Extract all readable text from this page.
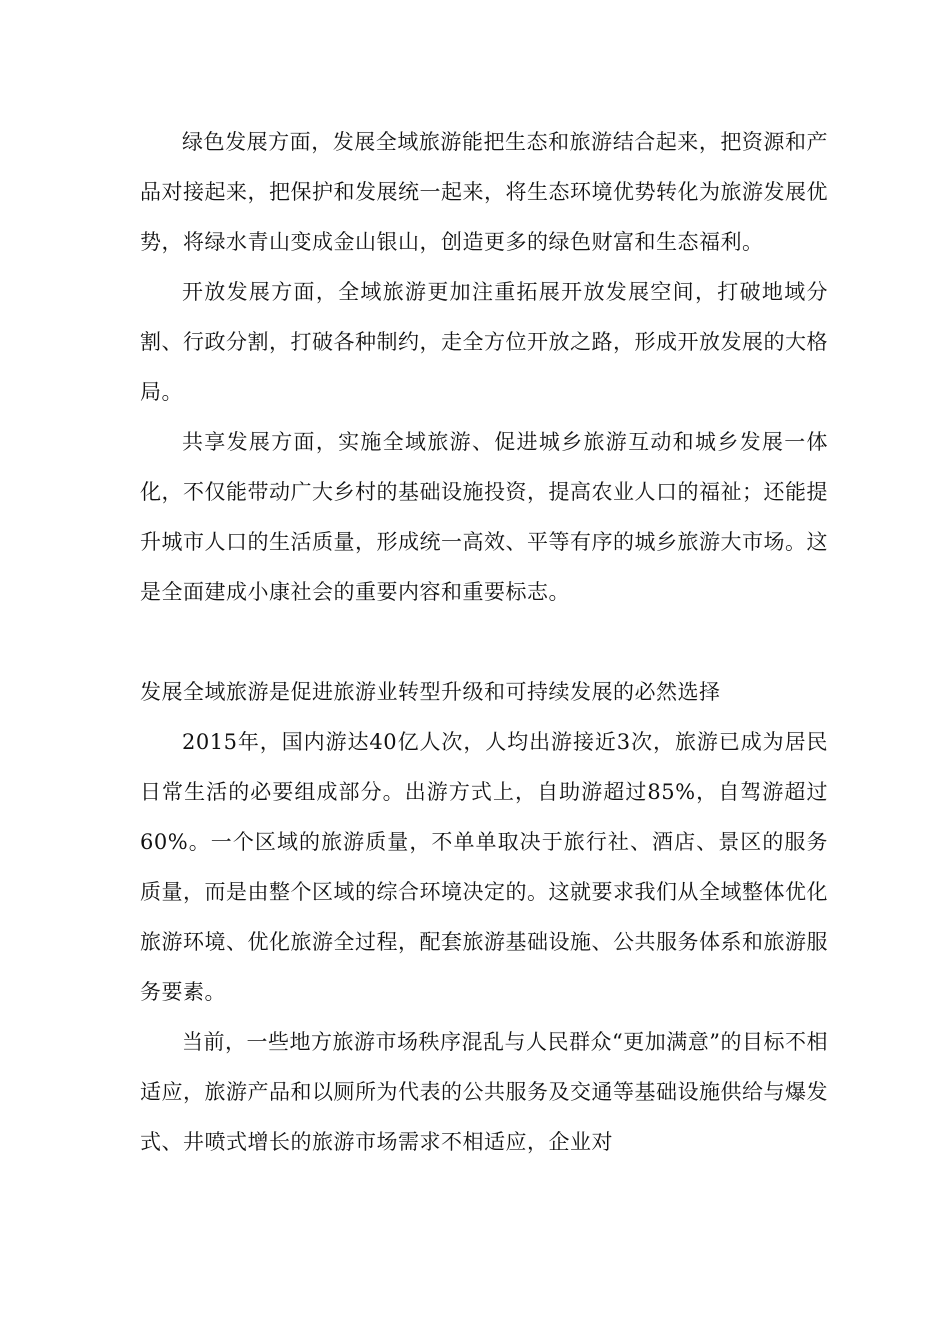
绿色发展方面，发展全域旅游能把生态和旅游结合起来，把资源和产品对接起来，把保护和发展统一起来，将生态环境优势转化为旅游发展优势，将绿水青山变成金山银山，创造更多的绿色财富和生态福利。

开放发展方面，全域旅游更加注重拓展开放发展空间，打破地域分割、行政分割，打破各种制约，走全方位开放之路，形成开放发展的大格局。

共享发展方面，实施全域旅游、促进城乡旅游互动和城乡发展一体化，不仅能带动广大乡村的基础设施投资，提高农业人口的福祉；还能提升城市人口的生活质量，形成统一高效、平等有序的城乡旅游大市场。这是全面建成小康社会的重要内容和重要标志。

发展全域旅游是促进旅游业转型升级和可持续发展的必然选择

2015年，国内游达40亿人次，人均出游接近3次，旅游已成为居民日常生活的必要组成部分。出游方式上，自助游超过85%，自驾游超过60%。一个区域的旅游质量，不单单取决于旅行社、酒店、景区的服务质量，而是由整个区域的综合环境决定的。这就要求我们从全域整体优化旅游环境、优化旅游全过程，配套旅游基础设施、公共服务体系和旅游服务要素。

当前，一些地方旅游市场秩序混乱与人民群众“更加满意”的目标不相适应，旅游产品和以厕所为代表的公共服务及交通等基础设施供给与爆发式、井喷式增长的旅游市场需求不相适应，企业对
